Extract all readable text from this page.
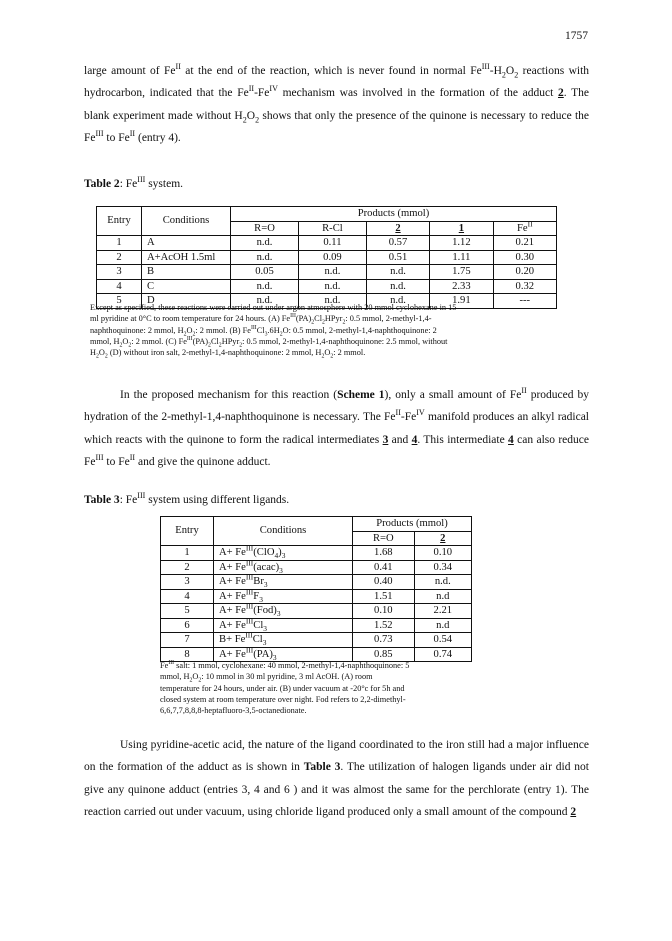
1757

large amount of $Fe^{II}$ at the end of the reaction, which is never found in normal $Fe^{III}-H_2O_2$ reactions with hydrocarbon, indicated that the $Fe^{II}-Fe^{IV}$ mechanism was involved in the formation of the adduct 2. The blank experiment made without $H_2O_2$ shows that only the presence of the quinone is necessary to reduce the $Fe^{III}$ to $Fe^{II}$ (entry 4).

Table 2: $Fe^{III}$ system.

Entry	Conditions	Products (mmol)				
		R=O	R-Cl	2	1	$Fe^{II}$
1	A	n.d.	0.11	0.57	1.12	0.21
2	A+AcOH 1.5ml	n.d.	0.09	0.51	1.11	0.30
3	B	0.05	n.d.	n.d.	1.75	0.20
4	C	n.d.	n.d.	n.d.	2.33	0.32
5	D	n.d.	n.d.	n.d.	1.91	---
Except as specified, these reactions were carried out under argon atmosphere with 20 mmol cyclohexane in 15
ml pyridine at 0°C to room temperature for 24 hours. (A) $Fe^{III}(PA)_2Cl_2HPyr_2$: 0.5 mmol, 2-methyl-1,4-
naphthoquinone: 2 mmol, $H_2O_2$: 2 mmol. (B) $Fe^{III}Cl_3.6H_2O$: 0.5 mmol, 2-methyl-1,4-naphthoquinone: 2
mmol, $H_2O_2$: 2 mmol. (C) $Fe^{III}(PA)_2Cl_2HPyr_2$: 0.5 mmol, 2-methyl-1,4-naphthoquinone: 2.5 mmol, without
$H_2O_2$ (D) without iron salt, 2-methyl-1,4-naphthoquinone: 2 mmol, $H_2O_2$: 2 mmol.

In the proposed mechanism for this reaction (Scheme 1), only a small amount of $Fe^{II}$ produced by hydration of the 2-methyl-1,4-naphthoquinone is necessary. The $Fe^{II}-Fe^{IV}$ manifold produces an alkyl radical which reacts with the quinone to form the radical intermediates 3 and 4. This intermediate 4 can also reduce $Fe^{III}$ to $Fe^{II}$ and give the quinone adduct.

Table 3: $Fe^{III}$ system using different ligands.

Entry	Conditions	Products (mmol)	
		R=O	2
1	$A+ Fe^{III}(ClO_4)_3$	1.68	0.10
2	$A+ Fe^{III}(acac)_3$	0.41	0.34
3	$A+ Fe^{III}Br_3$	0.40	n.d.
4	$A+ Fe^{III}F_3$	1.51	n.d
5	$A+ Fe^{III}(Fod)_3$	0.10	2.21
6	$A+ Fe^{III}Cl_3$	1.52	n.d
7	$B+ Fe^{III}Cl_3$	0.73	0.54
8	$A+ Fe^{III}(PA)_3$	0.85	0.74
$Fe^{III}$ salt: 1 mmol, cyclohexane: 40 mmol, 2-methyl-1,4-naphthoquinone: 5
mmol, $H_2O_2$: 10 mmol in 30 ml pyridine, 3 ml AcOH. (A) room
temperature for 24 hours, under air. (B) under vacuum at -20°c for 5h and
closed system at room temperature over night. Fod refers to 2,2-dimethyl-
6,6,7,7,8,8,8-heptafluoro-3,5-octanedionate.

Using pyridine-acetic acid, the nature of the ligand coordinated to the iron still had a major influence on the formation of the adduct as is shown in Table 3. The utilization of halogen ligands under air did not give any quinone adduct (entries 3, 4 and 6 ) and it was almost the same for the perchlorate (entry 1). The reaction carried out under vacuum, using chloride ligand produced only a small amount of the compound 2
